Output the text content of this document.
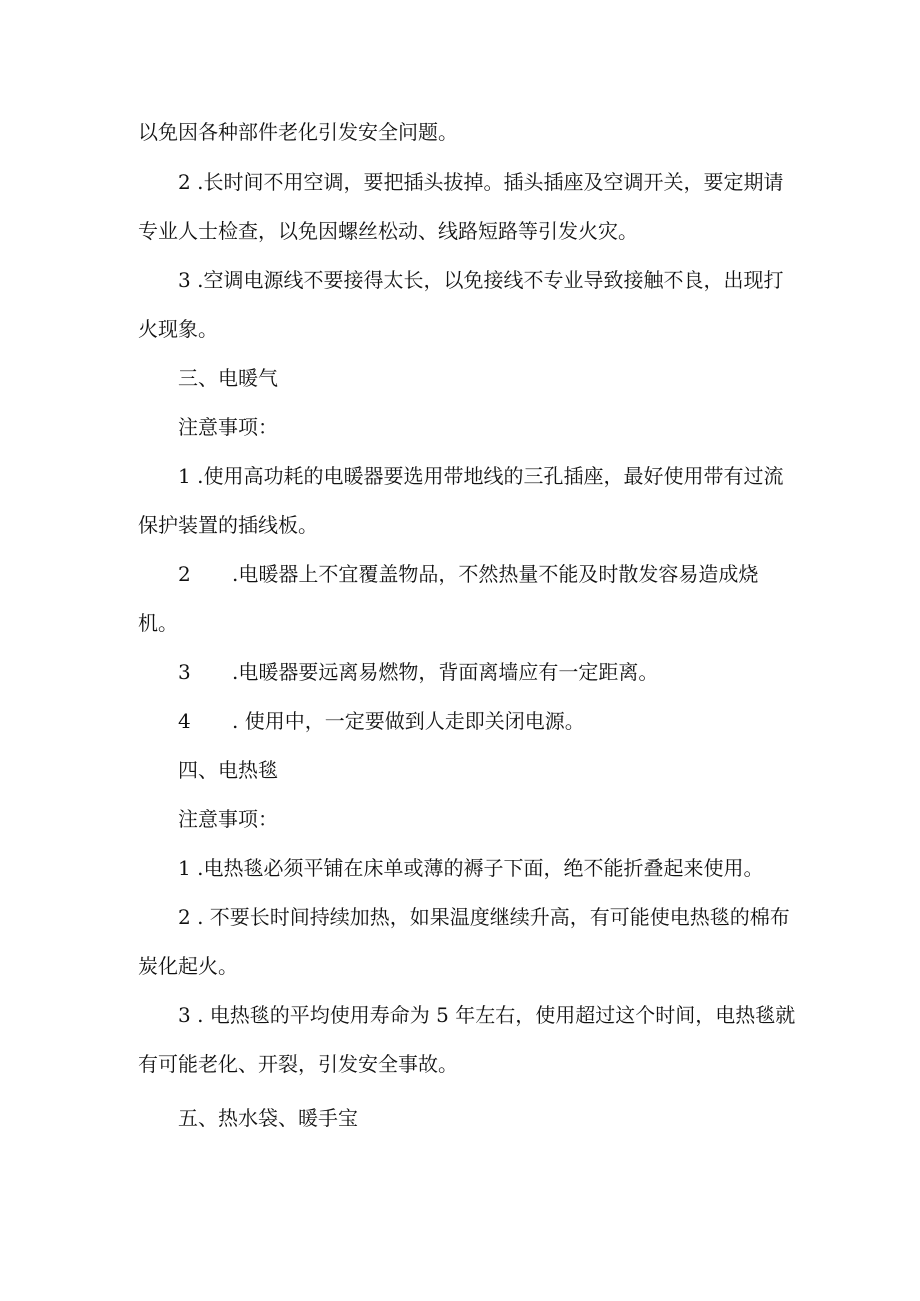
以免因各种部件老化引发安全问题。
2 .长时间不用空调，要把插头拔掉。插头插座及空调开关，要定期请
专业人士检查，以免因螺丝松动、线路短路等引发火灾。
3 .空调电源线不要接得太长，以免接线不专业导致接触不良，出现打
火现象。
三、电暖气
注意事项：
1 .使用高功耗的电暖器要选用带地线的三孔插座，最好使用带有过流
保护装置的插线板。
2 .电暖器上不宜覆盖物品，不然热量不能及时散发容易造成烧
机。
3 .电暖器要远离易燃物，背面离墙应有一定距离。
4 . 使用中，一定要做到人走即关闭电源。
四、电热毯
注意事项：
1 .电热毯必须平铺在床单或薄的褥子下面，绝不能折叠起来使用。
2 . 不要长时间持续加热，如果温度继续升高，有可能使电热毯的棉布
炭化起火。
3 . 电热毯的平均使用寿命为 5 年左右，使用超过这个时间，电热毯就
有可能老化、开裂，引发安全事故。
五、热水袋、暖手宝
